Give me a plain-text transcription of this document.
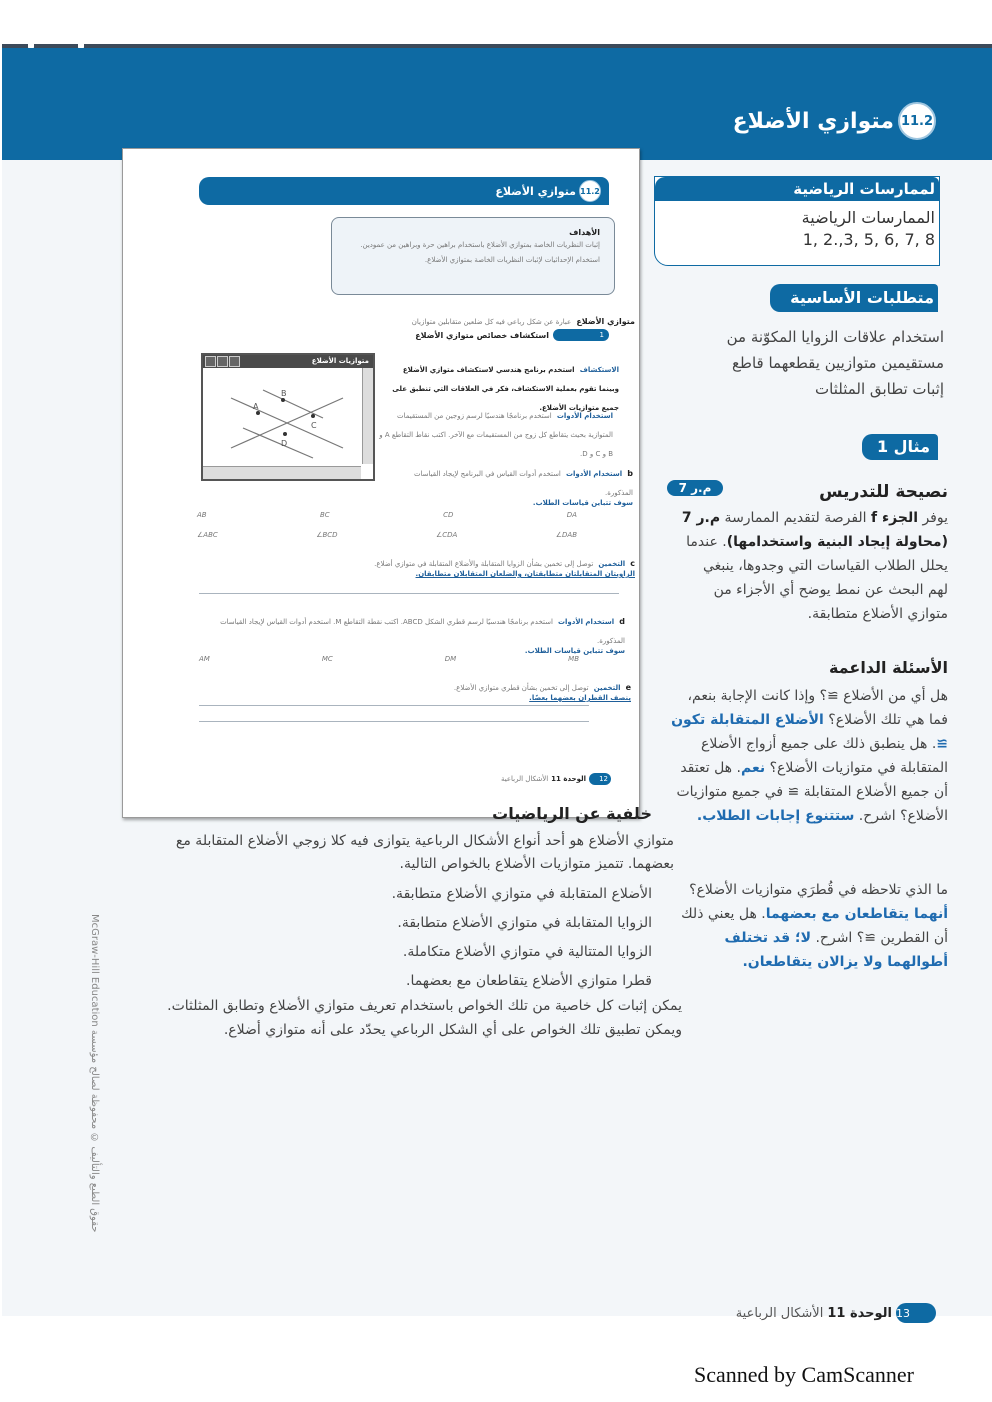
11.2
متوازي الأضلاع
11.2
متوازي الأضلاع
الأهداف
إثبات النظريات الخاصة بمتوازي الأضلاع باستخدام براهين حرة وبراهين من عمودين.
استخدام الإحداثيات لإثبات النظريات الخاصة بمتوازي الأضلاع.
متوازي الأضلاع عبارة عن شكل رباعي فيه كل ضلعين متقابلين متوازيان
1
استكشاف خصائص متوازي الأضلاع
متوازيات الأضلاع
A
B
C
D
الاستكشاف استخدم برنامج هندسي لاستكشاف متوازي الأضلاع وبينما تقوم بعملية الاستكشاف، فكر في العلاقات التي تنطبق على جميع متوازيات الأضلاع.
استخدام الأدوات استخدم برنامجًا هندسيًا لرسم زوجين من المستقيمات المتوازية بحيث يتقاطع كل زوج من المستقيمات مع الآخر. اكتب نقاط التقاطع A و B و C و D.
b استخدام الأدوات استخدم أدوات القياس في البرنامج لإيجاد القياسات المذكورة.
سوف تتباين قياسات الطلاب.
AB	BC	CD	DA
∠ABC	∠BCD	∠CDA	∠DAB
c التخمين توصل إلى تخمين بشأن الزوايا المتقابلة والأضلاع المتقابلة في متوازي أضلاع.
الزاويتان المتقابلتان متطابقتان، والضلعان المتقابلان متطابقان.
d استخدام الأدوات استخدم برنامجًا هندسيًا لرسم قطري الشكل ABCD. اكتب نقطة التقاطع M. استخدم أدوات القياس لإيجاد القياسات المذكورة.
سوف تتباين قياسات الطلاب.
AM	MC	DM	MB
e التخمين توصل إلى تخمين بشأن قطري متوازي الأضلاع.
ينصف القطران بعضهما بعضًا.
12
الوحدة 11
الأشكال الرباعية
لممارسات الرياضية
الممارسات الرياضية
1, 2.,3, 5, 6, 7, 8
متطلبات الأساسية
استخدام علاقات الزوايا المكوّنة من
مستقيمين متوازيين يقطعهما قاطع
إثبات تطابق المثلثات
مثال 1
م.ر 7	نصيحة للتدريس
يوفر الجزء f الفرصة لتقديم الممارسة م.ر 7 (محاولة إيجاد البنية واستخدامها). عندما يحلل الطلاب القياسات التي وجدوها، ينبغي لهم البحث عن نمط يوضح أي الأجزاء من متوازي الأضلاع متطابقة.
الأسئلة الداعمة
هل أي من الأضلاع ≅؟ وإذا كانت الإجابة بنعم، فما هي تلك الأضلاع؟ الأضلاع المتقابلة تكون ≅. هل ينطبق ذلك على جميع أزواج الأضلاع المتقابلة في متوازيات الأضلاع؟ نعم. هل تعتقد أن جميع الأضلاع المتقابلة ≅ في جميع متوازيات الأضلاع؟ اشرح. ستتنوع إجابات الطلاب.
ما الذي تلاحظه في قُطرَي متوازيات الأضلاع؟ أنهما يتقاطعان مع بعضهما. هل يعني ذلك أن القطرين ≅؟ اشرح. لا؛ قد تختلف أطوالهما ولا يزالان يتقاطعان.
خلفية عن الرياضيات
متوازي الأضلاع هو أحد أنواع الأشكال الرباعية يتوازى فيه كلا زوجي الأضلاع المتقابلة مع بعضهما. تتميز متوازيات الأضلاع بالخواص التالية.
الأضلاع المتقابلة في متوازي الأضلاع متطابقة.
الزوايا المتقابلة في متوازي الأضلاع متطابقة.
الزوايا المتتالية في متوازي الأضلاع متكاملة.
قطرا متوازي الأضلاع يتقاطعان مع بعضهما.
يمكن إثبات كل خاصية من تلك الخواص باستخدام تعريف متوازي الأضلاع وتطابق المثلثات. ويمكن تطبيق تلك الخواص على أي الشكل الرباعي يحدّد على أنه متوازي أضلاع.
McGraw-Hill Education حقوق الطبع والتأليف © محفوظة لصالح مؤسسة
13
الوحدة 11
الأشكال الرباعية
Scanned by CamScanner
